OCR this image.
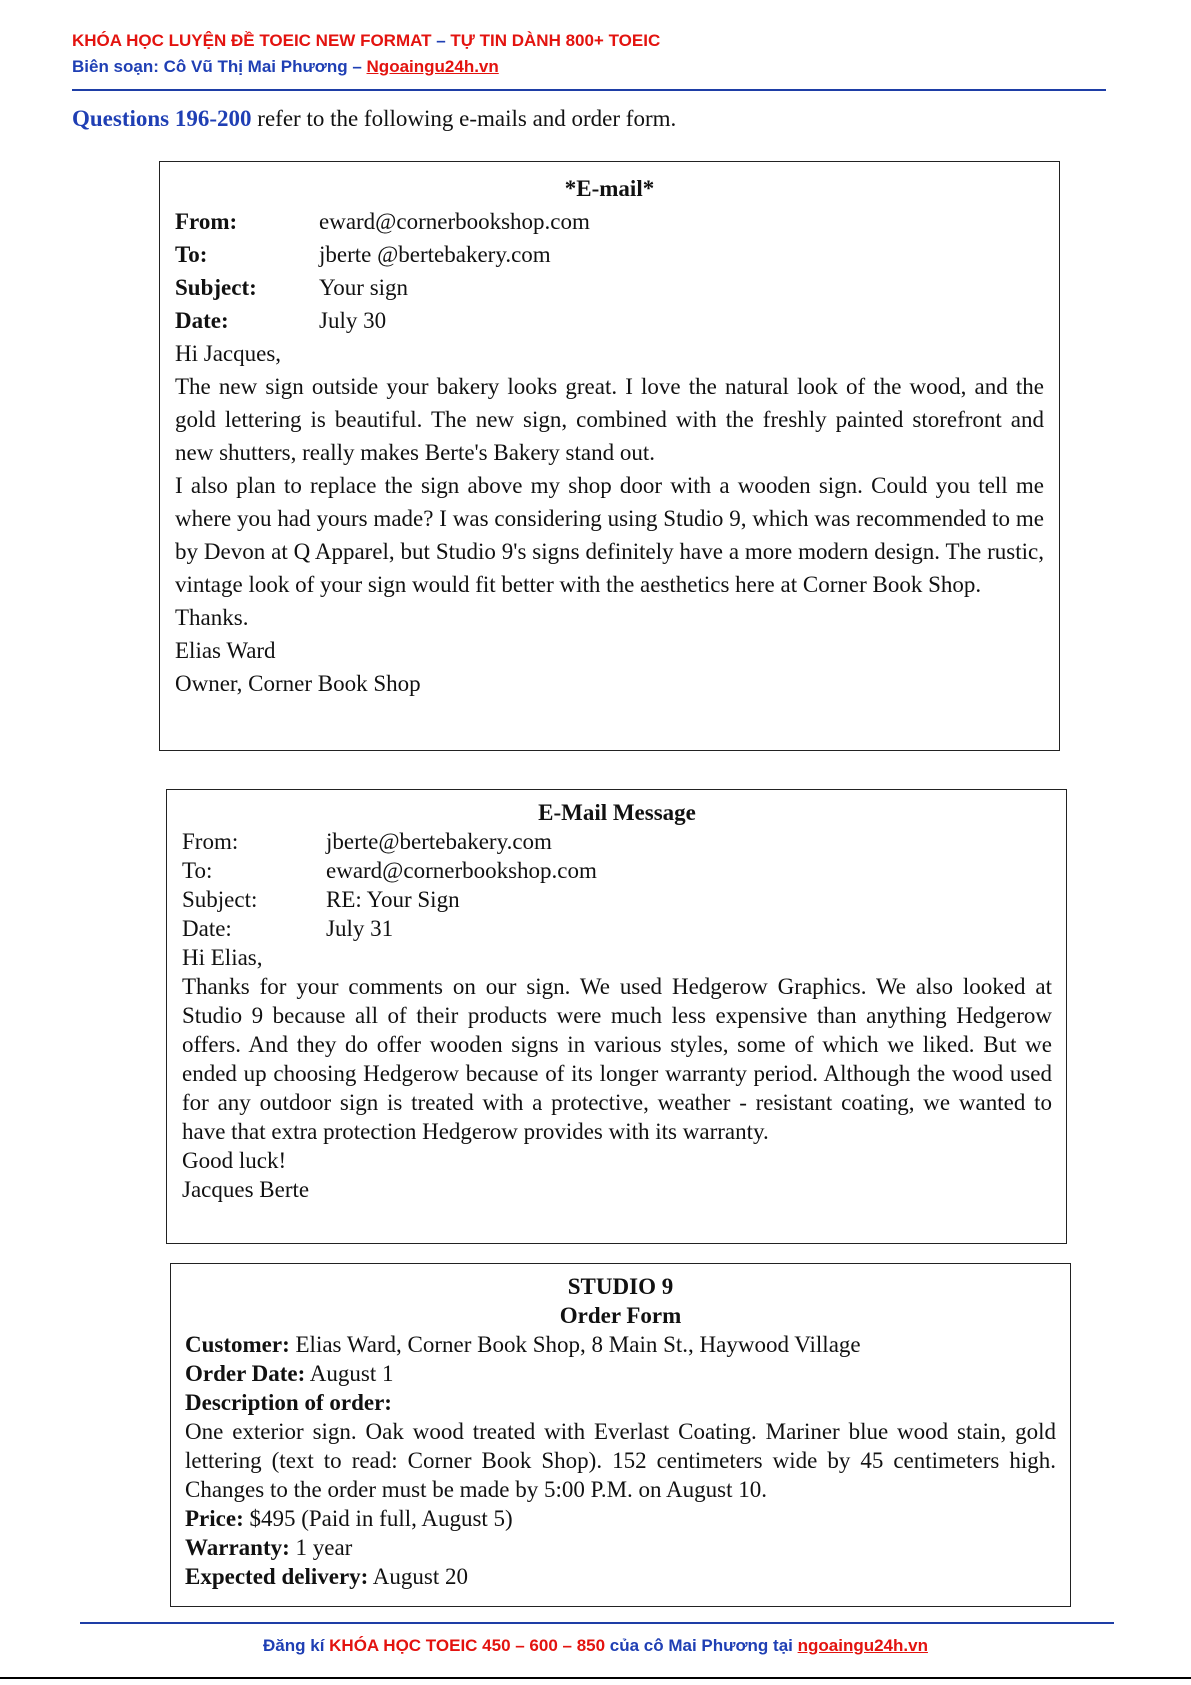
KHÓA HỌC LUYỆN ĐỀ TOEIC NEW FORMAT – TỰ TIN DÀNH 800+ TOEIC
Biên soạn: Cô Vũ Thị Mai Phương – Ngoaingu24h.vn
Questions 196-200 refer to the following e-mails and order form.
*E-mail*
From:	eward@cornerbookshop.com
To:	jberte @bertebakery.com
Subject:	Your sign
Date:	July 30
Hi Jacques,
The new sign outside your bakery looks great. I love the natural look of the wood, and the gold lettering is beautiful. The new sign, combined with the freshly painted storefront and new shutters, really makes Berte's Bakery stand out.
I also plan to replace the sign above my shop door with a wooden sign. Could you tell me where you had yours made? I was considering using Studio 9, which was recommended to me by Devon at Q Apparel, but Studio 9's signs definitely have a more modern design. The rustic, vintage look of your sign would fit better with the aesthetics here at Corner Book Shop.
Thanks.
Elias Ward
Owner, Corner Book Shop
E-Mail Message
From:	jberte@bertebakery.com
To:	eward@cornerbookshop.com
Subject:	RE: Your Sign
Date:	July 31
Hi Elias,
Thanks for your comments on our sign. We used Hedgerow Graphics. We also looked at Studio 9 because all of their products were much less expensive than anything Hedgerow offers. And they do offer wooden signs in various styles, some of which we liked. But we ended up choosing Hedgerow because of its longer warranty period. Although the wood used for any outdoor sign is treated with a protective, weather - resistant coating, we wanted to have that extra protection Hedgerow provides with its warranty.
Good luck!
Jacques Berte
STUDIO 9
Order Form
Customer: Elias Ward, Corner Book Shop, 8 Main St., Haywood Village
Order Date: August 1
Description of order:
One exterior sign. Oak wood treated with Everlast Coating. Mariner blue wood stain, gold lettering (text to read: Corner Book Shop). 152 centimeters wide by 45 centimeters high. Changes to the order must be made by 5:00 P.M. on August 10.
Price: $495 (Paid in full, August 5)
Warranty: 1 year
Expected delivery: August 20
Đăng kí KHÓA HỌC TOEIC 450 – 600 – 850 của cô Mai Phương tại ngoaingu24h.vn
